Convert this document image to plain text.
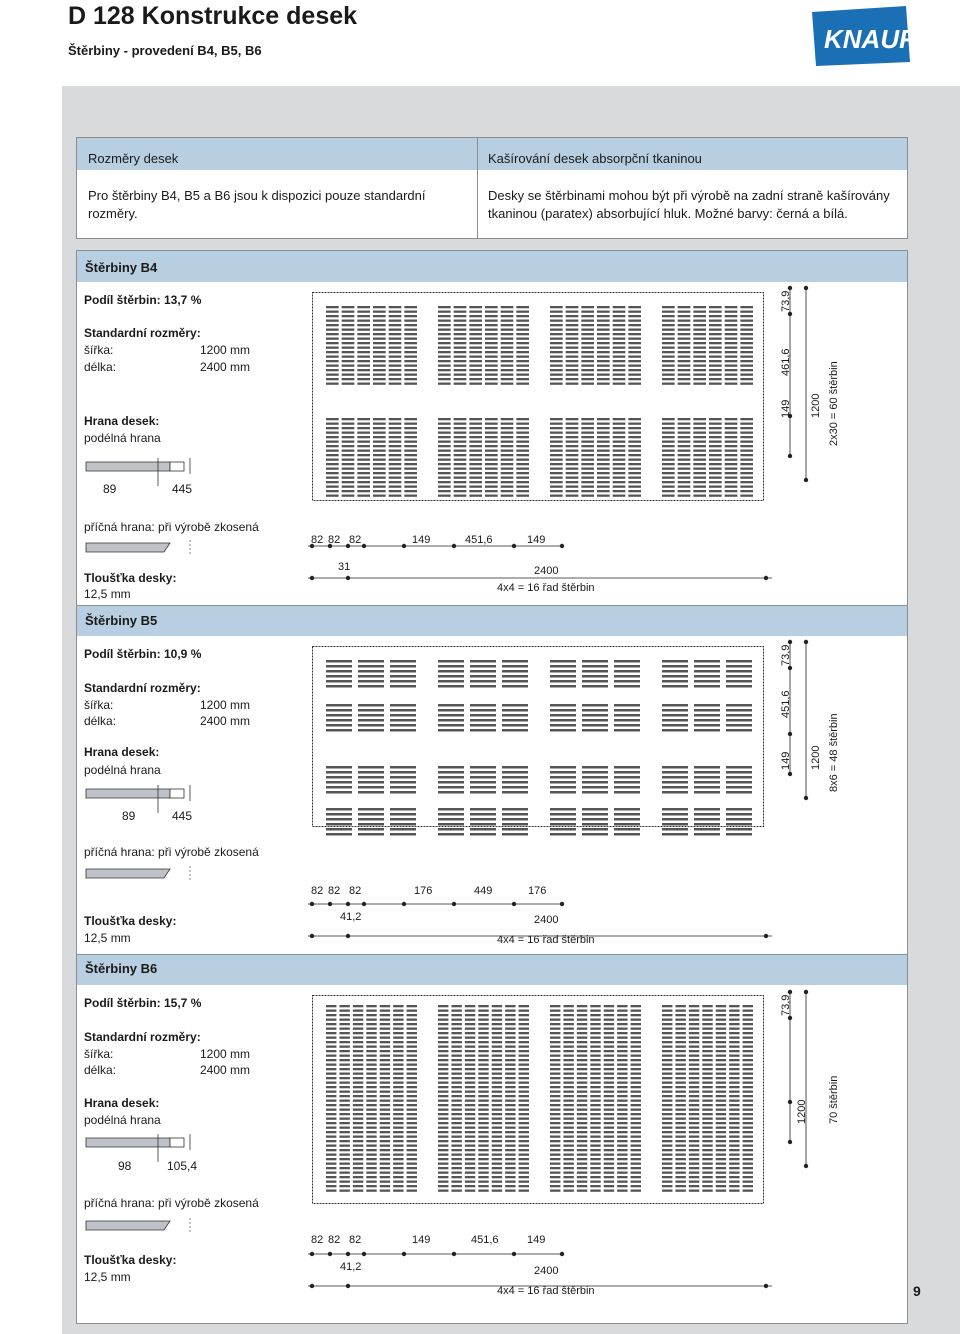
D 128 Konstrukce desek
Štěrbiny - provedení B4, B5, B6	KNAUF
Rozměry desek
Pro štěrbiny B4, B5 a B6 jsou k dispozici pouze standardní
rozměry.
Kašírování desek absorpční tkaninou
Desky se štěrbinami mohou být při výrobě na zadní straně kašírovány
tkaninou (paratex) absorbující hluk. Možné barvy: černá a bílá.
Štěrbiny B4
Podíl štěrbin: 13,7 %
Standardní rozměry:
šířka:	1200 mm
délka:	2400 mm
Hrana desek:
podélná hrana
89	445
příčná hrana: při výrobě zkosená
Tloušťka desky:
12,5 mm
82 82 82	149	451,6	149
31	2400
4x4 = 16 řad štěrbin
73,9
461,6
149 1200 2x30 = 60 štěrbin
Štěrbiny B5
Podíl štěrbin: 10,9 %
Standardní rozměry:
šířka:	1200 mm
délka:	2400 mm
Hrana desek:
podélná hrana
89	445
příčná hrana: při výrobě zkosená
Tloušťka desky:
12,5 mm
82 82 82	176	449	176
41,2	2400
4x4 = 16 řad štěrbin
73,9
451,6
149 1200 8x6 = 48 štěrbin
Štěrbiny B6
Podíl štěrbin: 15,7 %
Standardní rozměry:
šířka:	1200 mm
délka:	2400 mm
Hrana desek:
podélná hrana
98	105,4
příčná hrana: při výrobě zkosená
Tloušťka desky:
12,5 mm
82 82 82	149	451,6	149
41,2	2400
4x4 = 16 řad štěrbin
73,9
1200 70 štěrbin
9
